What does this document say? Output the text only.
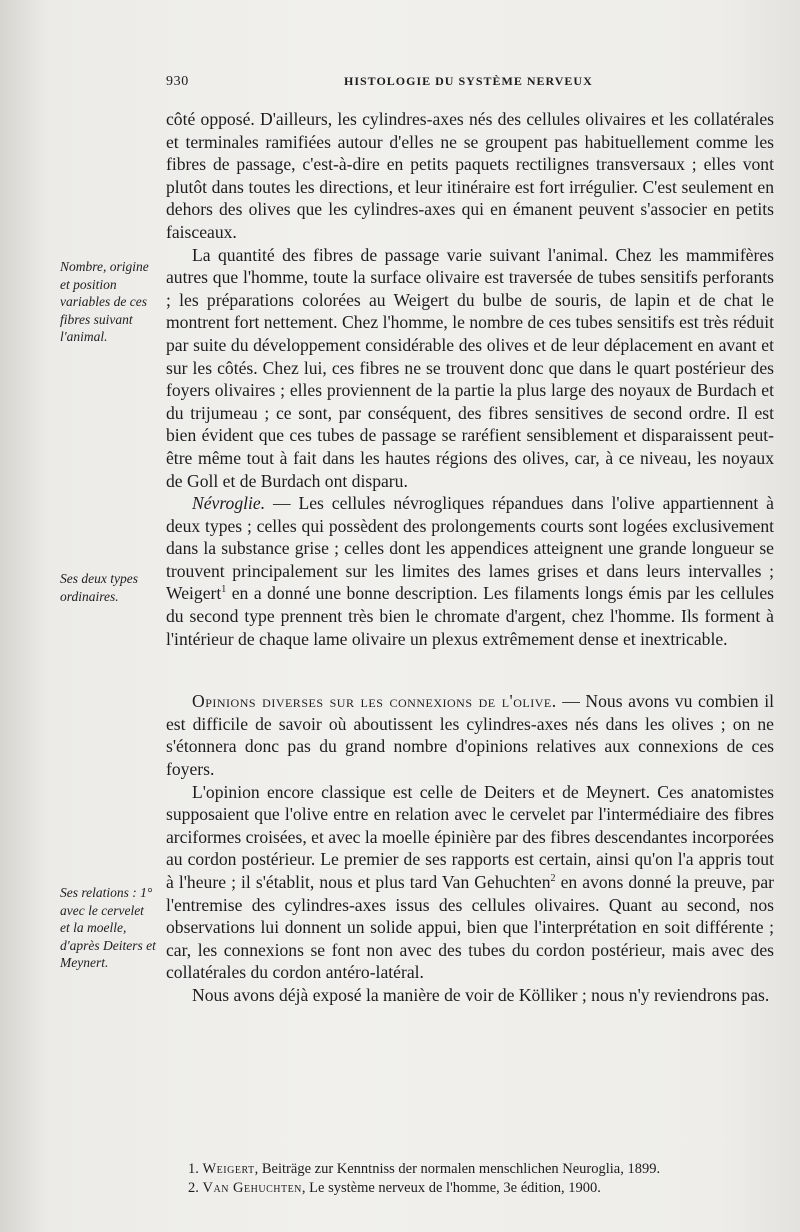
930	HISTOLOGIE DU SYSTÈME NERVEUX
Nombre, origine et position variables de ces fibres suivant l'animal.
Ses deux types ordinaires.
Ses relations : 1° avec le cervelet et la moelle, d'après Deiters et Meynert.

côté opposé. D'ailleurs, les cylindres-axes nés des cellules olivaires et les collatérales et terminales ramifiées autour d'elles ne se groupent pas habituellement comme les fibres de passage, c'est-à-dire en petits paquets rectilignes transversaux ; elles vont plutôt dans toutes les directions, et leur itinéraire est fort irrégulier. C'est seulement en dehors des olives que les cylindres-axes qui en émanent peuvent s'associer en petits faisceaux.

La quantité des fibres de passage varie suivant l'animal. Chez les mammifères autres que l'homme, toute la surface olivaire est traversée de tubes sensitifs perforants ; les préparations colorées au Weigert du bulbe de souris, de lapin et de chat le montrent fort nettement. Chez l'homme, le nombre de ces tubes sensitifs est très réduit par suite du développement considérable des olives et de leur déplacement en avant et sur les côtés. Chez lui, ces fibres ne se trouvent donc que dans le quart postérieur des foyers olivaires ; elles proviennent de la partie la plus large des noyaux de Burdach et du trijumeau ; ce sont, par conséquent, des fibres sensitives de second ordre. Il est bien évident que ces tubes de passage se raréfient sensiblement et disparaissent peut-être même tout à fait dans les hautes régions des olives, car, à ce niveau, les noyaux de Goll et de Burdach ont disparu.

Névroglie. — Les cellules névrogliques répandues dans l'olive appartiennent à deux types ; celles qui possèdent des prolongements courts sont logées exclusivement dans la substance grise ; celles dont les appendices atteignent une grande longueur se trouvent principalement sur les limites des lames grises et dans leurs intervalles ; Weigert$^1$ en a donné une bonne description. Les filaments longs émis par les cellules du second type prennent très bien le chromate d'argent, chez l'homme. Ils forment à l'intérieur de chaque lame olivaire un plexus extrêmement dense et inextricable.

Opinions diverses sur les connexions de l'olive. — Nous avons vu combien il est difficile de savoir où aboutissent les cylindres-axes nés dans les olives ; on ne s'étonnera donc pas du grand nombre d'opinions relatives aux connexions de ces foyers.

L'opinion encore classique est celle de Deiters et de Meynert. Ces anatomistes supposaient que l'olive entre en relation avec le cervelet par l'intermédiaire des fibres arciformes croisées, et avec la moelle épinière par des fibres descendantes incorporées au cordon postérieur. Le premier de ses rapports est certain, ainsi qu'on l'a appris tout à l'heure ; il s'établit, nous et plus tard Van Gehuchten$^2$ en avons donné la preuve, par l'entremise des cylindres-axes issus des cellules olivaires. Quant au second, nos observations lui donnent un solide appui, bien que l'interprétation en soit différente ; car, les connexions se font non avec des tubes du cordon postérieur, mais avec des collatérales du cordon antéro-latéral.

Nous avons déjà exposé la manière de voir de Kölliker ; nous n'y reviendrons pas.

1. Weigert, Beiträge zur Kenntniss der normalen menschlichen Neuroglia, 1899.
2. Van Gehuchten, Le système nerveux de l'homme, 3e édition, 1900.
